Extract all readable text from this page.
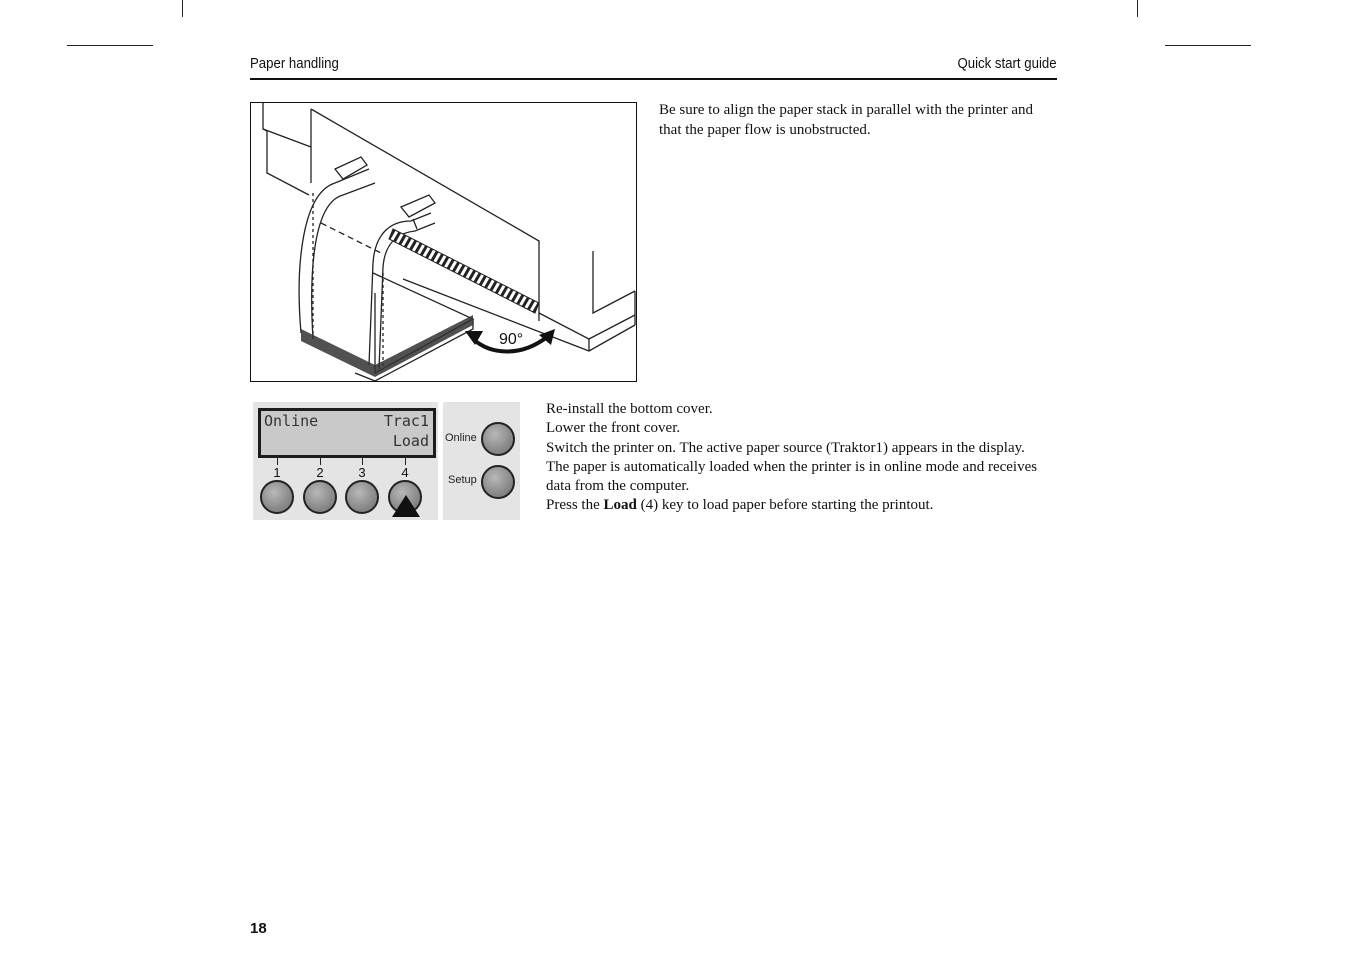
Paper handling	Quick start guide
90°

Be sure to align the paper stack in parallel with the printer and that the paper flow is unobstructed.

Online	Trac1
Load
1	2	3	4
Online
Setup

Re-install the bottom cover.

Lower the front cover.

Switch the printer on. The active paper source (Traktor1) appears in the display.

The paper is automatically loaded when the printer is in online mode and receives data from the computer.

Press the Load (4) key to load paper before starting the printout.

18
